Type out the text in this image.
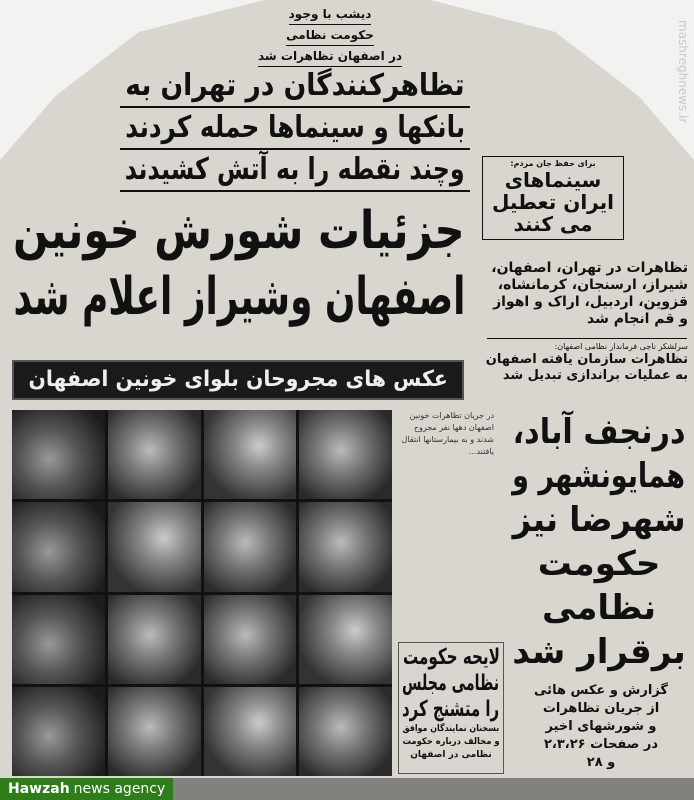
mashreghnews.ir
دیشب با وجود
حکومت نظامی
در اصفهان تظاهرات شد
تظاهرکنندگان در تهران به
بانکها و سینماها حمله کردند
وچند نقطه را به آتش کشیدند
جزئیات شورش خونین
اصفهان وشیراز اعلام شد
برای حفظ جان مردم:
سینماهای
ایران تعطیل
می کنند
تظاهرات در تهران، اصفهان، شیراز، ارسنجان، کرمانشاه، قزوین، اردبیل، اراک و اهواز و قم انجام شد
سرلشکر ناجی فرماندار نظامی اصفهان:
تظاهرات سازمان یافته اصفهان به عملیات براندازی تبدیل شد
عکس های مجروحان بلوای خونین اصفهان
در جریان تظاهرات خونین اصفهان دهها نفر مجروح شدند و به بیمارستانها انتقال یافتند... درنجف آباد،
همایونشهر و
شهرضا نیز
حکومت
نظامی
برقرار شد
لایحه حکومت
نظامی مجلس
را متشنج کرد
بسخنان نمایندگان موافق
و مخالف درباره حکومت
نظامی در اصفهان
گزارش و عکس هائی
از جریان تظاهرات
و شورشهای اخیر
در صفحات ۲،۳،۲۶
و ۲۸
Hawzah news agency
